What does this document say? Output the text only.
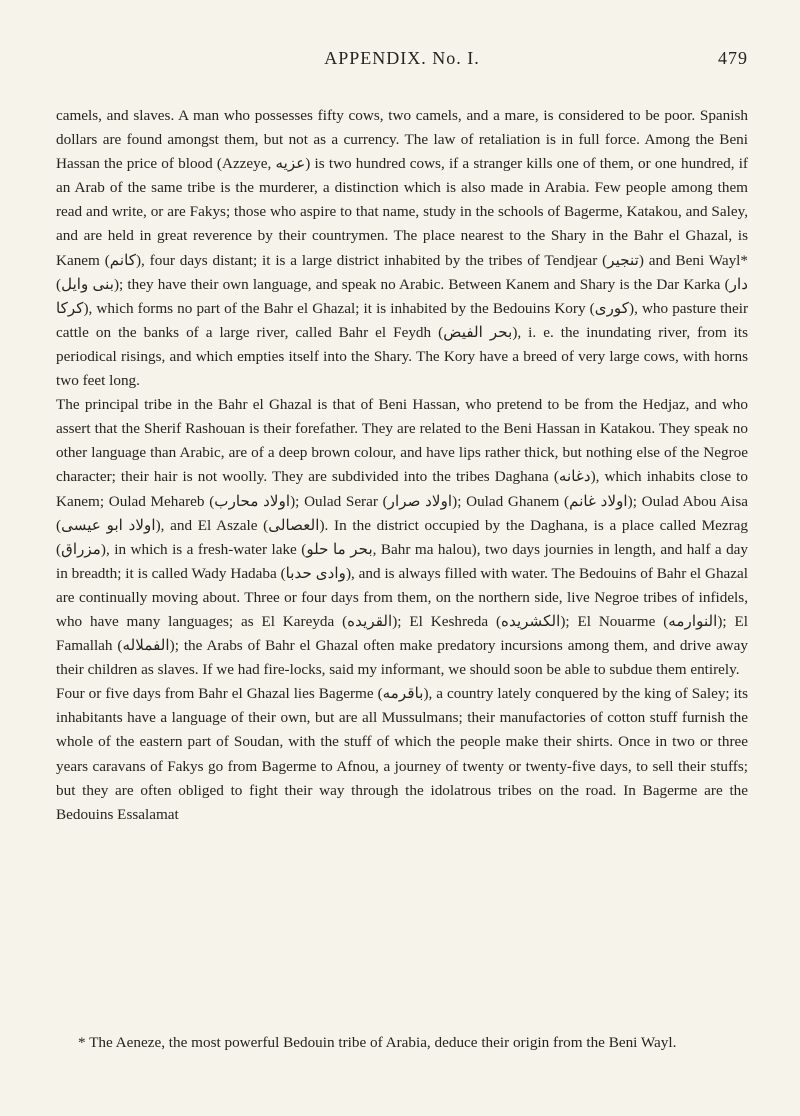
APPENDIX. No. I.	479

camels, and slaves. A man who possesses fifty cows, two camels, and a mare, is considered to be poor. Spanish dollars are found amongst them, but not as a currency. The law of retaliation is in full force. Among the Beni Hassan the price of blood (Azzeye, عزيه) is two hundred cows, if a stranger kills one of them, or one hundred, if an Arab of the same tribe is the murderer, a distinction which is also made in Arabia. Few people among them read and write, or are Fakys; those who aspire to that name, study in the schools of Bagerme, Katakou, and Saley, and are held in great reverence by their countrymen. The place nearest to the Shary in the Bahr el Ghazal, is Kanem (كانم), four days distant; it is a large district inhabited by the tribes of Tendjear (تنجير) and Beni Wayl* (بنى وايل); they have their own language, and speak no Arabic. Between Kanem and Shary is the Dar Karka (دار كركا), which forms no part of the Bahr el Ghazal; it is inhabited by the Bedouins Kory (كورى), who pasture their cattle on the banks of a large river, called Bahr el Feydh (بحر الفيض), i. e. the inundating river, from its periodical risings, and which empties itself into the Shary. The Kory have a breed of very large cows, with horns two feet long.

The principal tribe in the Bahr el Ghazal is that of Beni Hassan, who pretend to be from the Hedjaz, and who assert that the Sherif Rashouan is their forefather. They are related to the Beni Hassan in Katakou. They speak no other language than Arabic, are of a deep brown colour, and have lips rather thick, but nothing else of the Negroe character; their hair is not woolly. They are subdivided into the tribes Daghana (دغانه), which inhabits close to Kanem; Oulad Mehareb (اولاد محارب); Oulad Serar (اولاد صرار); Oulad Ghanem (اولاد غانم); Oulad Abou Aisa (اولاد ابو عيسى), and El Aszale (العصالى). In the district occupied by the Daghana, is a place called Mezrag (مزراق), in which is a fresh-water lake (بحر ما حلو, Bahr ma halou), two days journies in length, and half a day in breadth; it is called Wady Hadaba (وادى حدبا), and is always filled with water. The Bedouins of Bahr el Ghazal are continually moving about. Three or four days from them, on the northern side, live Negroe tribes of infidels, who have many languages; as El Kareyda (القريده); El Keshreda (الكشريده); El Nouarme (النوارمه); El Famallah (الفملاله); the Arabs of Bahr el Ghazal often make predatory incursions among them, and drive away their children as slaves. If we had fire-locks, said my informant, we should soon be able to subdue them entirely.

Four or five days from Bahr el Ghazal lies Bagerme (باقرمه), a country lately conquered by the king of Saley; its inhabitants have a language of their own, but are all Mussulmans; their manufactories of cotton stuff furnish the whole of the eastern part of Soudan, with the stuff of which the people make their shirts. Once in two or three years caravans of Fakys go from Bagerme to Afnou, a journey of twenty or twenty-five days, to sell their stuffs; but they are often obliged to fight their way through the idolatrous tribes on the road. In Bagerme are the Bedouins Essalamat

* The Aeneze, the most powerful Bedouin tribe of Arabia, deduce their origin from the Beni Wayl.
